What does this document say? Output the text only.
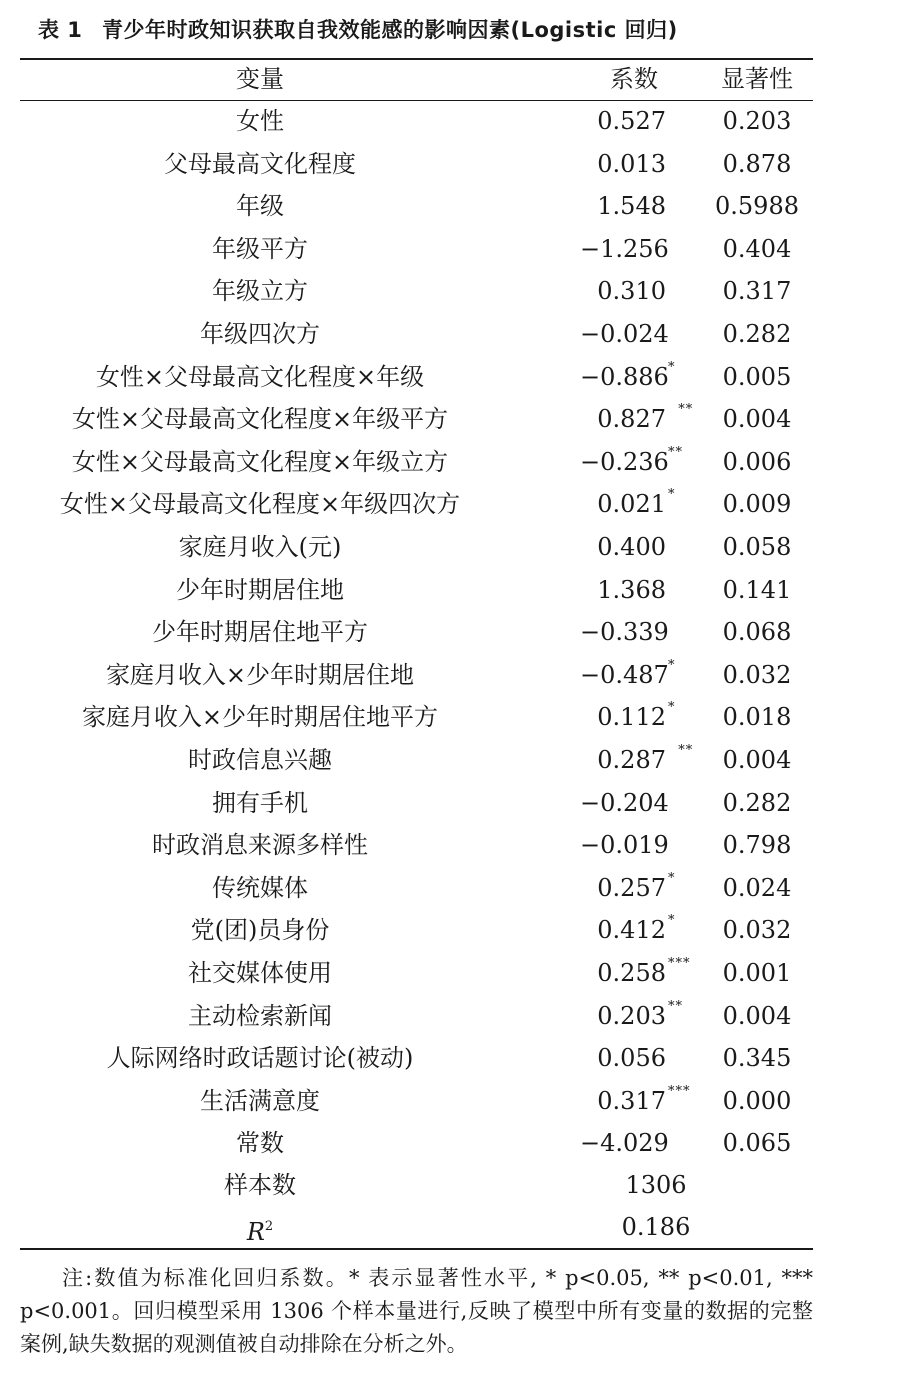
表 1 青少年时政知识获取自我效能感的影响因素(Logistic 回归)
变量	系数	显著性
女性	0.527	0.203
父母最高文化程度	0.013	0.878
年级	1.548 0.5988
年级平方	−1.256	0.404
年级立方	0.310	0.317
年级四次方	−0.024	0.282
女性×父母最高文化程度×年级	−0.886 *	0.005
女性×父母最高文化程度×年级平方	0.827 **	0.004
女性×父母最高文化程度×年级立方	−0.236 **	0.006
女性×父母最高文化程度×年级四次方	0.021 *	0.009
家庭月收入(元)	0.400	0.058
少年时期居住地	1.368	0.141
少年时期居住地平方	−0.339	0.068
家庭月收入×少年时期居住地	−0.487 *	0.032
家庭月收入×少年时期居住地平方	0.112 *	0.018
时政信息兴趣	0.287 **	0.004
拥有手机	−0.204	0.282
时政消息来源多样性	−0.019	0.798
传统媒体	0.257 *	0.024
党(团)员身份	0.412 *	0.032
社交媒体使用	0.258 ***	0.001
主动检索新闻	0.203 **	0.004
人际网络时政话题讨论(被动)	0.056	0.345
生活满意度	0.317 ***	0.000
常数	−4.029	0.065
样本数	1306
$R^2$	0.186

注:数值为标准化回归系数。* 表示显著性水平, * p<0.05, ** p<0.01, *** p<0.001。回归模型采用 1306 个样本量进行,反映了模型中所有变量的数据的完整案例,缺失数据的观测值被自动排除在分析之外。
